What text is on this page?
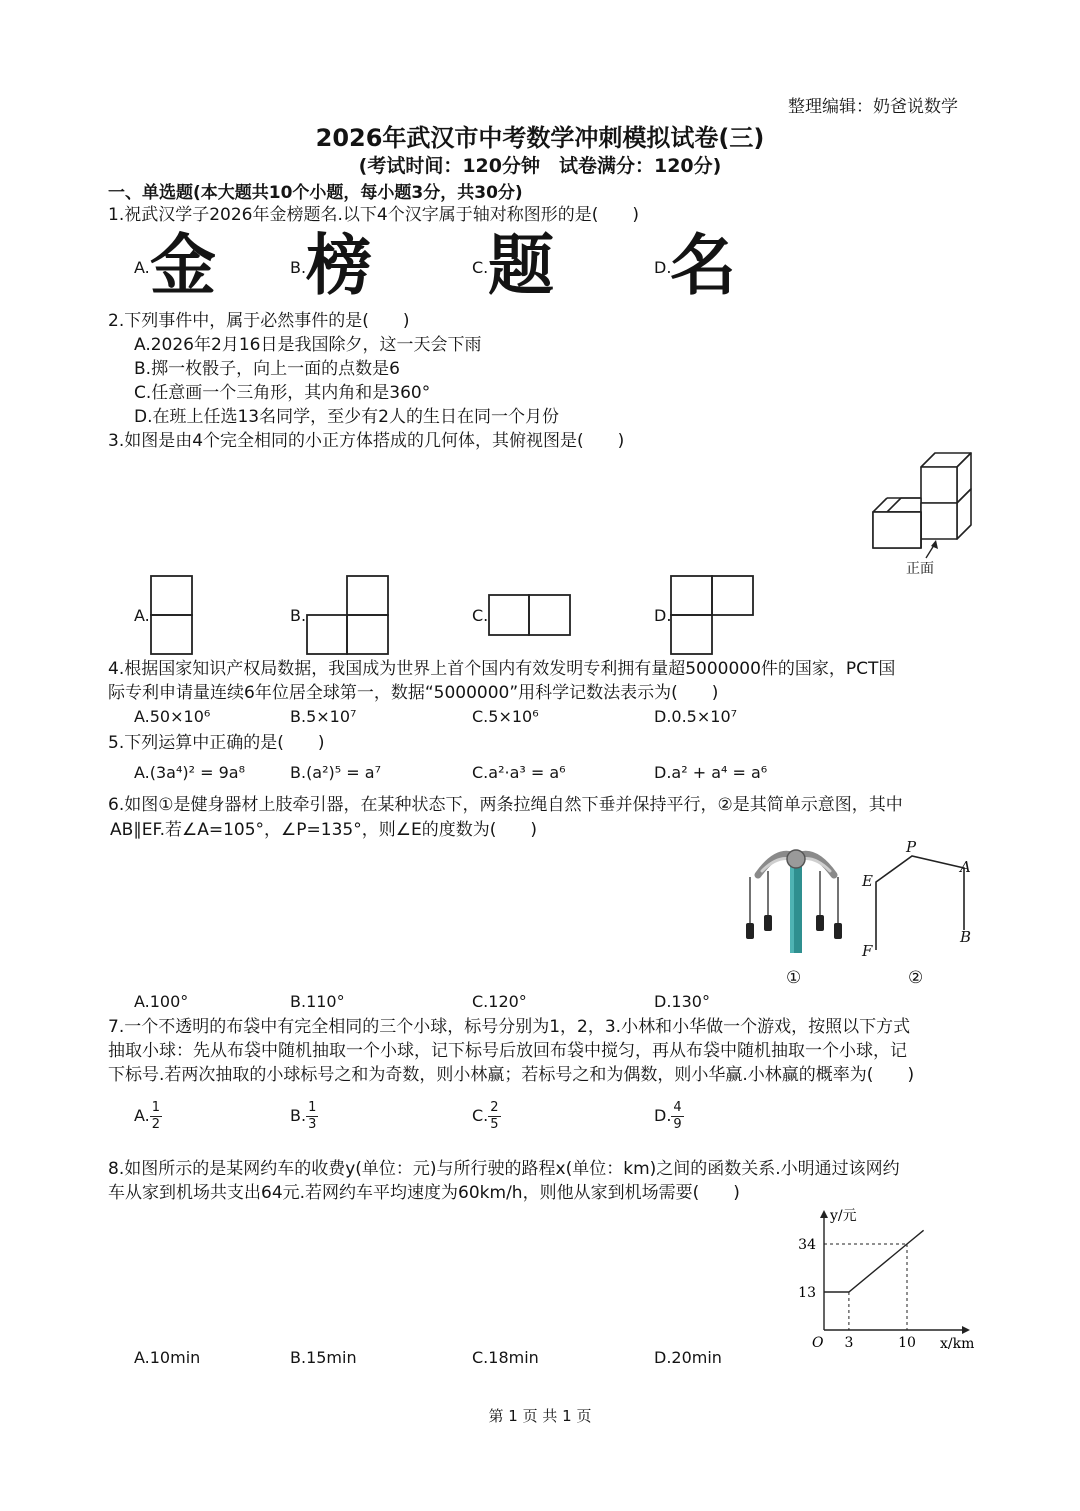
整理编辑：奶爸说数学
2026年武汉市中考数学冲刺模拟试卷(三)
(考试时间：120分钟　试卷满分：120分)
一、单选题(本大题共10个小题，每小题3分，共30分)
1.祝武汉学子2026年金榜题名.以下4个汉字属于轴对称图形的是(　　)
A. 金	B. 榜	C. 题	D.
名
2.下列事件中，属于必然事件的是(　　)
A.2026年2月16日是我国除夕，这一天会下雨
B.掷一枚骰子，向上一面的点数是6
C.任意画一个三角形，其内角和是360°
D.在班上任选13名同学，至少有2人的生日在同一个月份
3.如图是由4个完全相同的小正方体搭成的几何体，其俯视图是(　　)
正面
A.	B.	C.	D.
4.根据国家知识产权局数据，我国成为世界上首个国内有效发明专利拥有量超5000000件的国家，PCT国
际专利申请量连续6年位居全球第一，数据“5000000”用科学记数法表示为(　　)
A.50×10⁶	B.5×10⁷	C.5×10⁶	D.0.5×10⁷
5.下列运算中正确的是(　　)
A.(3a⁴)² = 9a⁸	B.(a²)⁵ = a⁷	C.a²·a³ = a⁶	D.a² + a⁴ = a⁶
6.如图①是健身器材上肢牵引器，在某种状态下，两条拉绳自然下垂并保持平行，②是其简单示意图，其中
AB∥EF.若∠A=105°，∠P=135°，则∠E的度数为(　　)
①
P
A
E
B
F
②
A.100°	B.110°	C.120°	D.130°
7.一个不透明的布袋中有完全相同的三个小球，标号分别为1，2，3.小林和小华做一个游戏，按照以下方式
抽取小球：先从布袋中随机抽取一个小球，记下标号后放回布袋中搅匀，再从布袋中随机抽取一个小球，记
下标号.若两次抽取的小球标号之和为奇数，则小林赢；若标号之和为偶数，则小华赢.小林赢的概率为(　　)
A. $\frac{1}{2}$	B. $\frac{1}{3}$	C. $\frac{2}{5}$	D. $\frac{4}{9}$
8.如图所示的是某网约车的收费y(单位：元)与所行驶的路程x(单位：km)之间的函数关系.小明通过该网约
车从家到机场共支出64元.若网约车平均速度为60km/h，则他从家到机场需要(　　)
3	10
13
34
O	x/km
y/元
A.10min	B.15min	C.18min	D.20min
第 1 页 共 1 页
